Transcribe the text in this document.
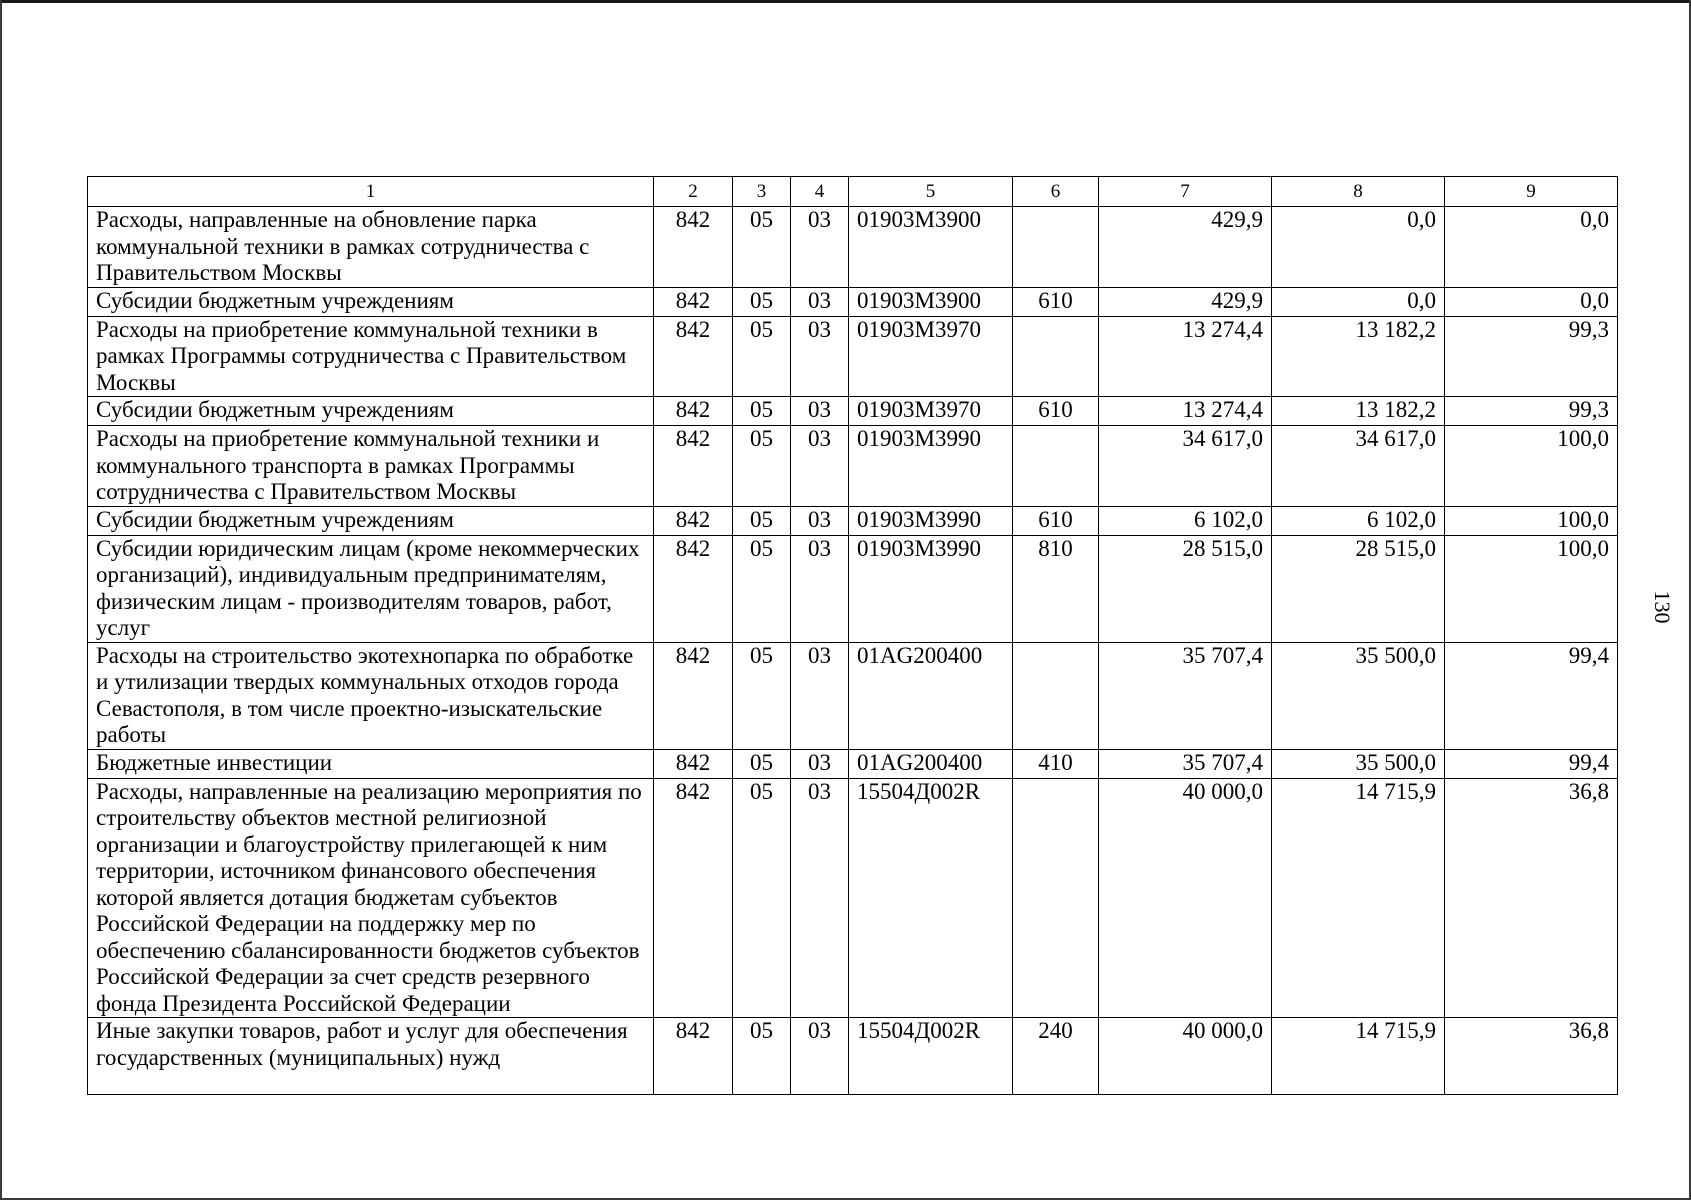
130
1	2	3	4	5	6	7	8	9
Расходы, направленные на обновление парка коммунальной техники в рамках сотрудничества с Правительством Москвы	842	05	03	01903М3900		429,9	0,0	0,0
Субсидии бюджетным учреждениям	842	05	03	01903М3900	610	429,9	0,0	0,0
Расходы на приобретение коммунальной техники в рамках Программы сотрудничества с Правительством Москвы	842	05	03	01903М3970		13 274,4	13 182,2	99,3
Субсидии бюджетным учреждениям	842	05	03	01903М3970	610	13 274,4	13 182,2	99,3
Расходы на приобретение коммунальной техники и коммунального транспорта в рамках Программы сотрудничества с Правительством Москвы	842	05	03	01903М3990		34 617,0	34 617,0	100,0
Субсидии бюджетным учреждениям	842	05	03	01903М3990	610	6 102,0	6 102,0	100,0
Субсидии юридическим лицам (кроме некоммерческих организаций), индивидуальным предпринимателям, физическим лицам - производителям товаров, работ, услуг	842	05	03	01903М3990	810	28 515,0	28 515,0	100,0
Расходы на строительство экотехнопарка по обработке и утилизации твердых коммунальных отходов города Севастополя, в том числе проектно-изыскательские работы	842	05	03	01AG200400		35 707,4	35 500,0	99,4
Бюджетные инвестиции	842	05	03	01AG200400	410	35 707,4	35 500,0	99,4
Расходы, направленные на реализацию мероприятия по строительству объектов местной религиозной организации и благоустройству прилегающей к ним территории, источником финансового обеспечения которой является дотация бюджетам субъектов Российской Федерации на поддержку мер по обеспечению сбалансированности бюджетов субъектов Российской Федерации за счет средств резервного фонда Президента Российской Федерации	842	05	03	15504Д002R		40 000,0	14 715,9	36,8
Иные закупки товаров, работ и услуг для обеспечения государственных (муниципальных) нужд	842	05	03	15504Д002R	240	40 000,0	14 715,9	36,8
